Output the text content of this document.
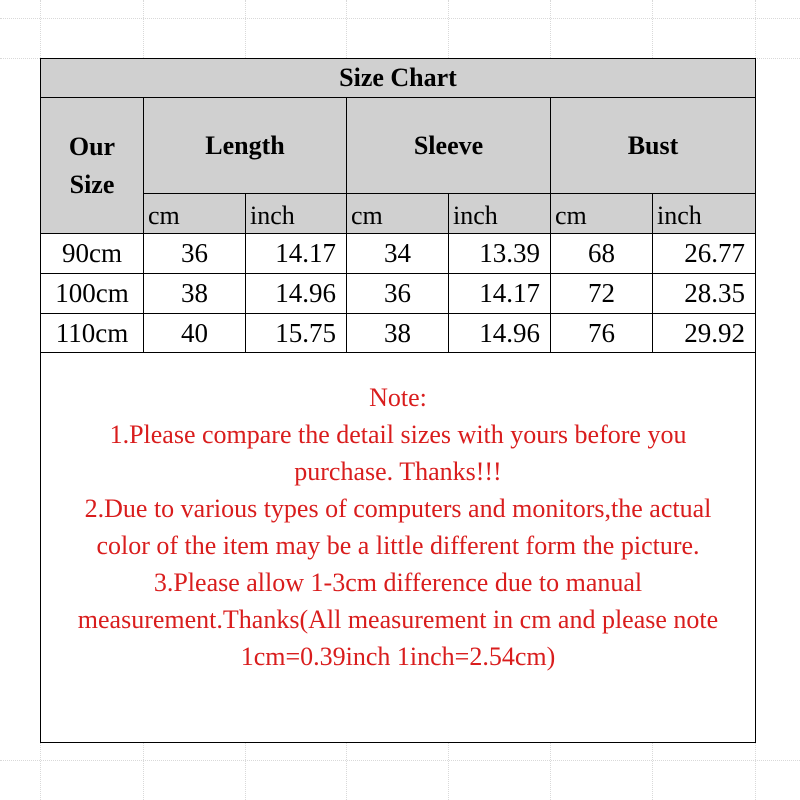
Size Chart
Our Size
Length	Sleeve	Bust
cm	inch	cm	inch	cm	inch
90cm	36	14.17	34	13.39	68	26.77
100cm	38	14.96	36	14.17	72	28.35
110cm	40	15.75	38	14.96	76	29.92

Note:

1.Please compare the detail sizes with yours before you purchase. Thanks!!!

2.Due to various types of computers and monitors,the actual color of the item may be a little different form the picture.

3.Please allow 1-3cm difference due to manual measurement.Thanks(All measurement in cm and please note 1cm=0.39inch 1inch=2.54cm)
